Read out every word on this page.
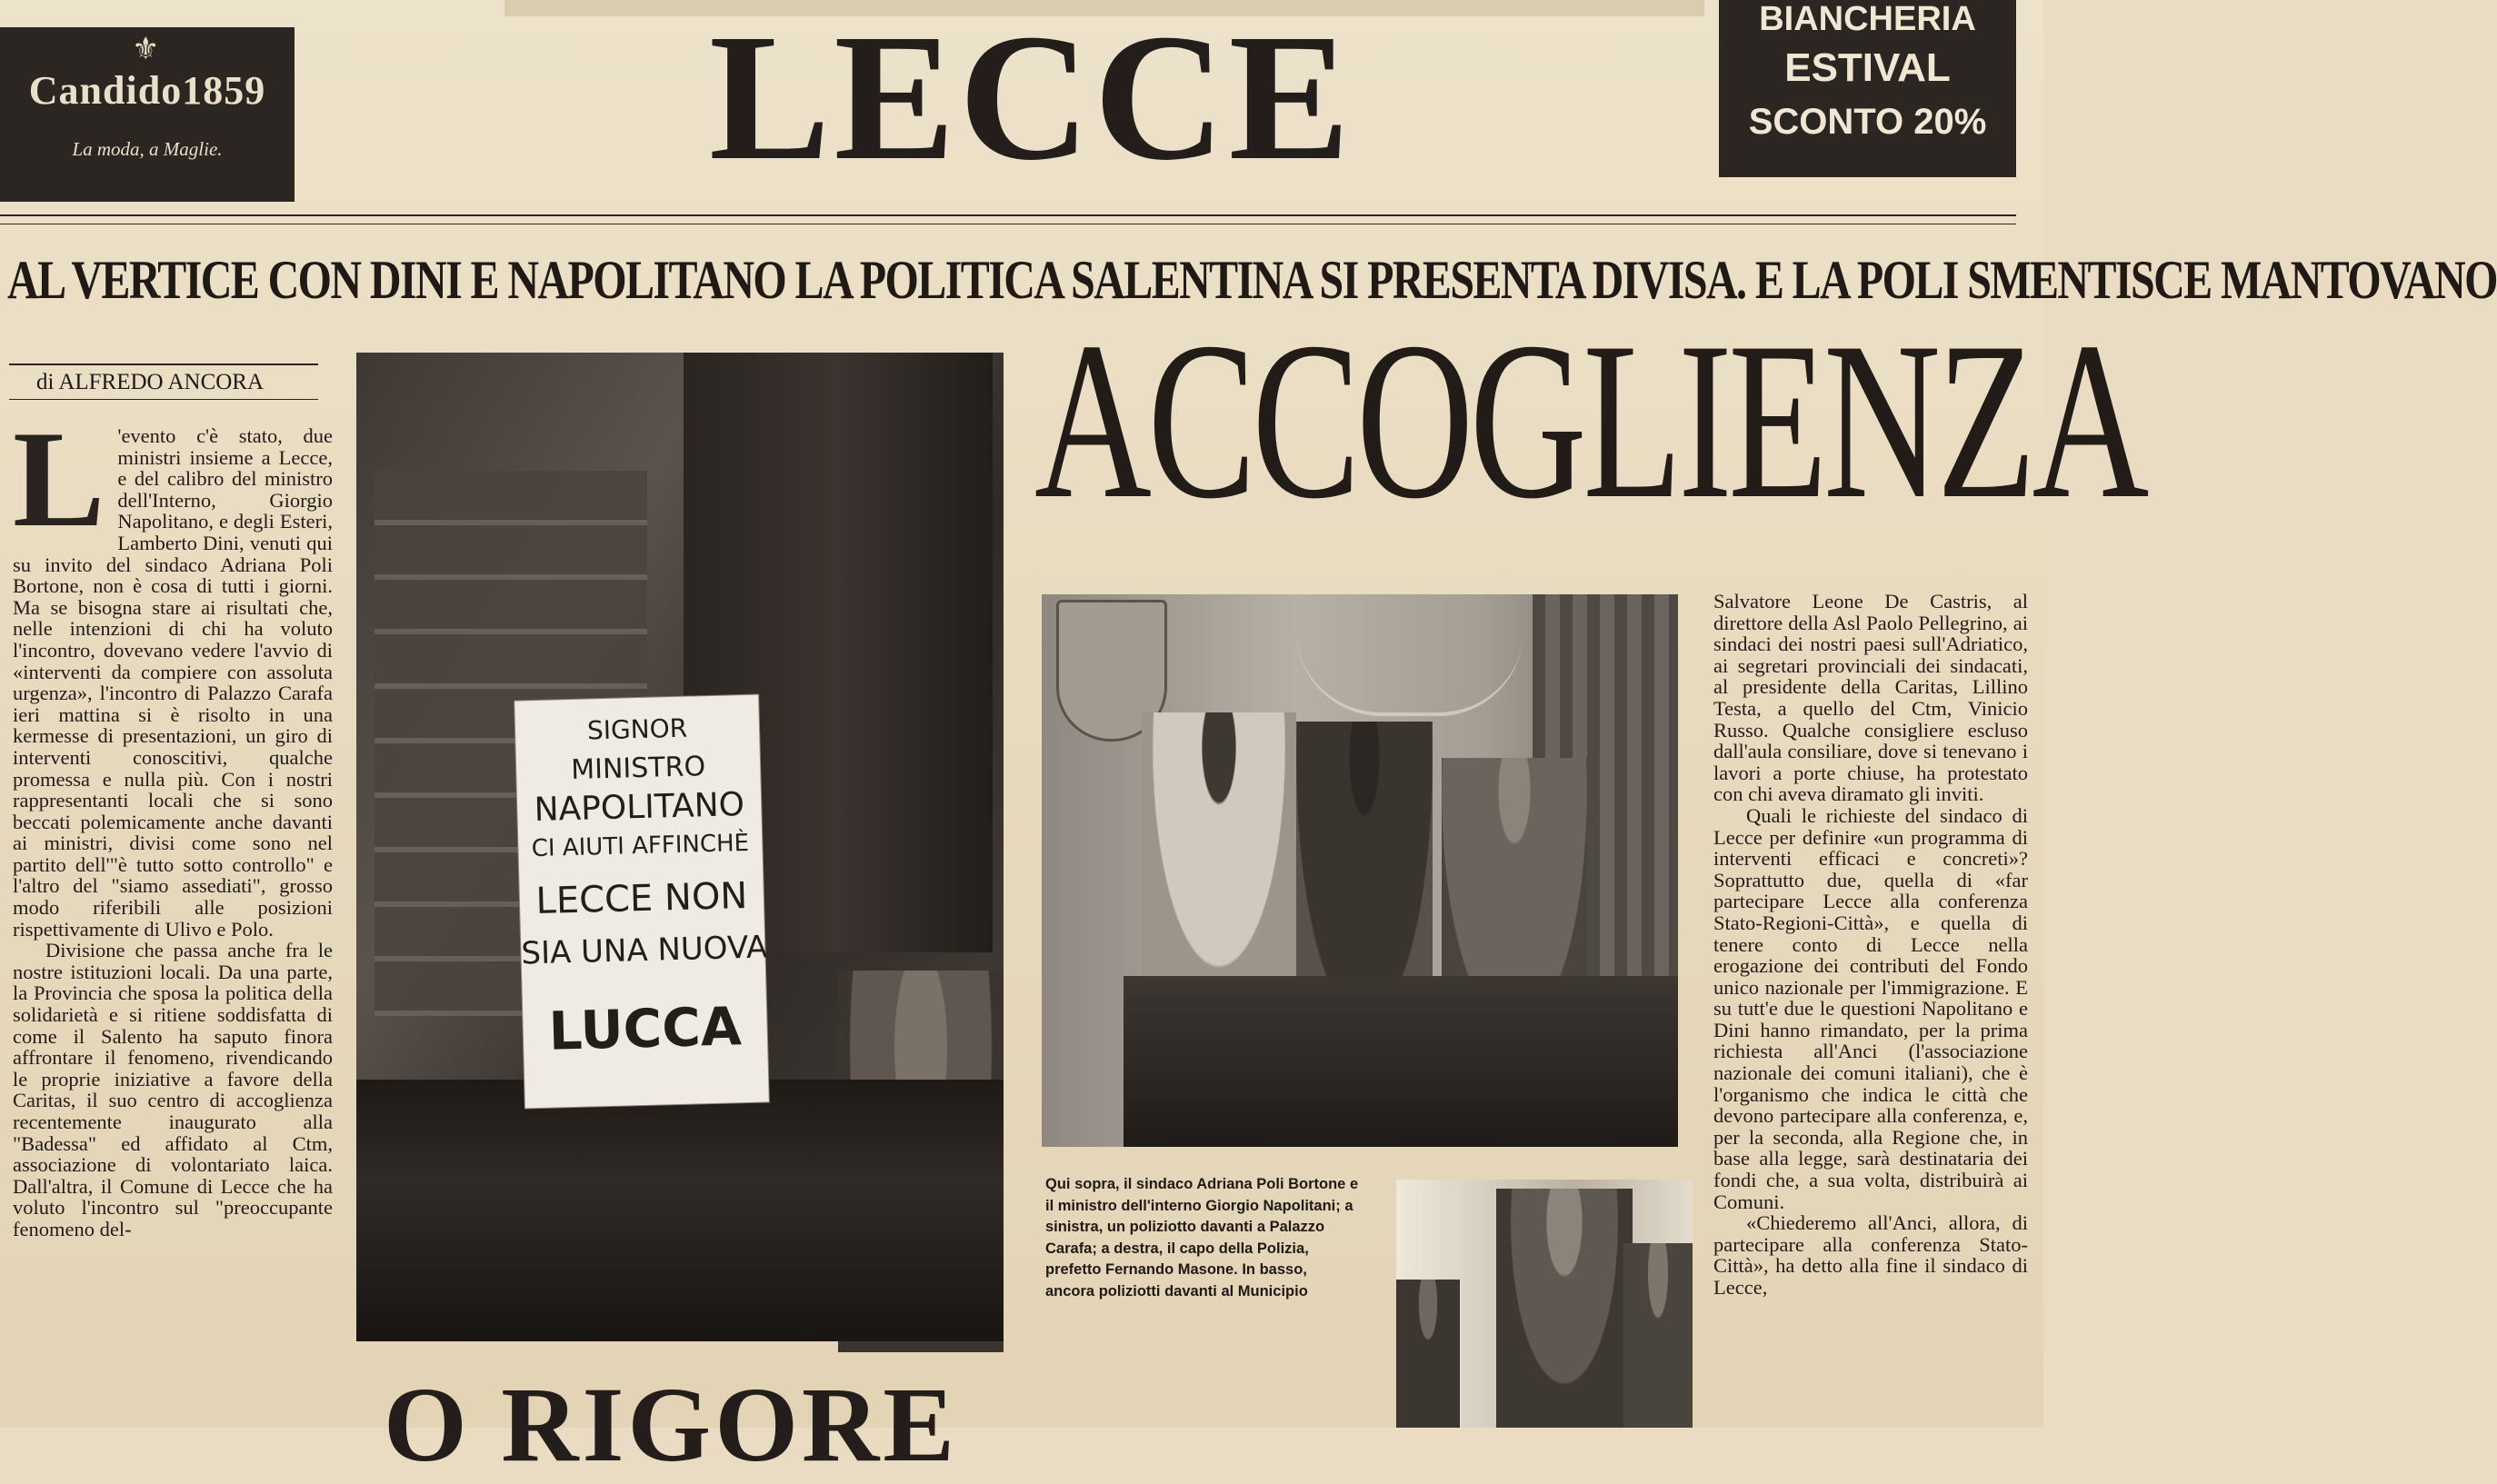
⚜
Candido1859
La moda, a Maglie.	LECCE	BIANCHERIA
ESTIVAL
SCONTO 20%
AL VERTICE CON DINI E NAPOLITANO LA POLITICA SALENTINA SI PRESENTA DIVISA. E LA POLI SMENTISCE MANTOVANO
di ALFREDO ANCORA
L 'evento c'è stato, due ministri insieme a Lecce, e del calibro del ministro dell'Interno, Giorgio Napolitano, e degli Esteri, Lamberto Dini, venuti qui su invito del sindaco Adriana Poli Bortone, non è cosa di tutti i giorni. Ma se bisogna stare ai risultati che, nelle intenzioni di chi ha voluto l'incontro, dovevano vedere l'avvio di «interventi da compiere con assoluta urgenza», l'incontro di Palazzo Carafa ieri mattina si è risolto in una kermesse di presentazioni, un giro di interventi conoscitivi, qualche promessa e nulla più. Con i nostri rappresentanti locali che si sono beccati polemicamente anche davanti ai ministri, divisi come sono nel partito dell'"è tutto sotto controllo" e l'altro del "siamo assediati", grosso modo riferibili alle posizioni rispettivamente di Ulivo e Polo.

Divisione che passa anche fra le nostre istituzioni locali. Da una parte, la Provincia che sposa la politica della solidarietà e si ritiene soddisfatta di come il Salento ha saputo finora affrontare il fenomeno, rivendicando le proprie iniziative a favore della Caritas, il suo centro di accoglienza recentemente inaugurato alla "Badessa" ed affidato al Ctm, associazione di volontariato laica. Dall'altra, il Comune di Lecce che ha voluto l'incontro sul "preoccupante fenomeno del-

SIGNOR
MINISTRO
NAPOLITANO
CI AIUTI AFFINCHÈ
LECCE NON
SIA UNA NUOVA
LUCCA
ACCOGLIENZA

Salvatore Leone De Castris, al direttore della Asl Paolo Pellegrino, ai sindaci dei nostri paesi sull'Adriatico, ai segretari provinciali dei sindacati, al presidente della Caritas, Lillino Testa, a quello del Ctm, Vinicio Russo. Qualche consigliere escluso dall'aula consiliare, dove si tenevano i lavori a porte chiuse, ha protestato con chi aveva diramato gli inviti.

Quali le richieste del sindaco di Lecce per definire «un programma di interventi efficaci e concreti»? Soprattutto due, quella di «far partecipare Lecce alla conferenza Stato-Regioni-Città», e quella di tenere conto di Lecce nella erogazione dei contributi del Fondo unico nazionale per l'immigrazione. E su tutt'e due le questioni Napolitano e Dini hanno rimandato, per la prima richiesta all'Anci (l'associazione nazionale dei comuni italiani), che è l'organismo che indica le città che devono partecipare alla conferenza, e, per la seconda, alla Regione che, in base alla legge, sarà destinataria dei fondi che, a sua volta, distribuirà ai Comuni.

«Chiederemo all'Anci, allora, di partecipare alla conferenza Stato-Città», ha detto alla fine il sindaco di Lecce,

Qui sopra, il sindaco Adriana Poli Bortone e il ministro dell'interno Giorgio Napolitani; a sinistra, un poliziotto davanti a Palazzo Carafa; a destra, il capo della Polizia, prefetto Fernando Masone. In basso, ancora poliziotti davanti al Municipio
O RIGORE
